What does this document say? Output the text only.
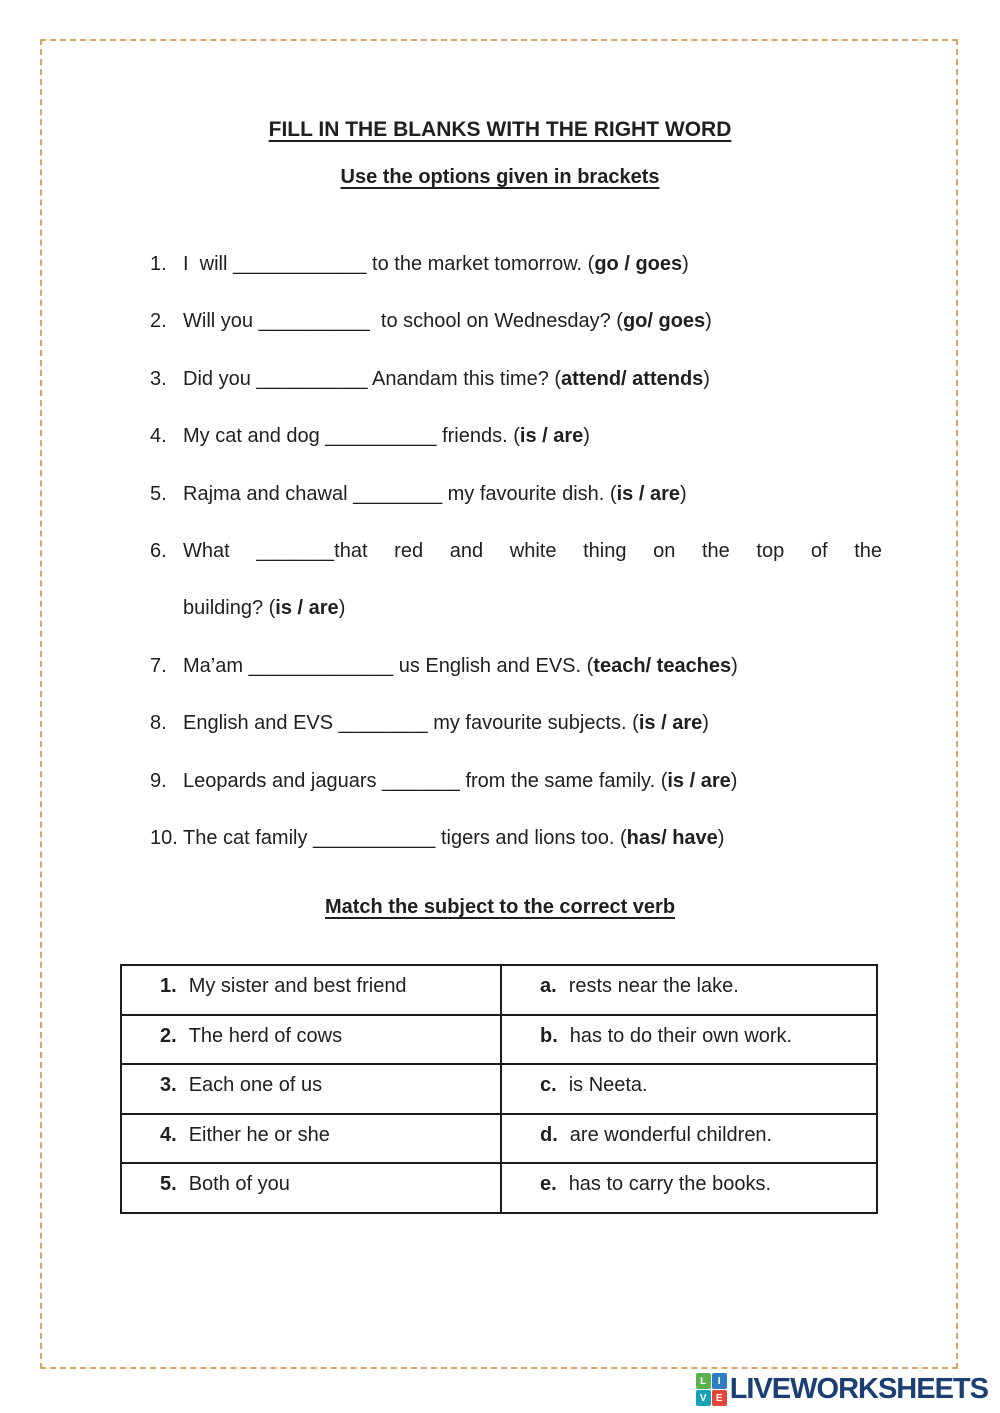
FILL IN THE BLANKS WITH THE RIGHT WORD
Use the options given in brackets
1. I  will ____________ to the market tomorrow. (go / goes)
2. Will you __________  to school on Wednesday? (go/ goes)
3. Did you __________ Anandam this time? (attend/ attends)
4. My cat and dog __________ friends. (is / are)
5. Rajma and chawal ________ my favourite dish. (is / are)
6. What _______that red and white thing on the top of the
building? (is / are)
7. Ma’am _____________ us English and EVS. (teach/ teaches)
8. English and EVS ________ my favourite subjects. (is / are)
9. Leopards and jaguars _______ from the same family. (is / are)
10. The cat family ___________ tigers and lions too. (has/ have)
Match the subject to the correct verb
1. My sister and best friend	a. rests near the lake.
2. The herd of cows	b. has to do their own work.
3. Each one of us	c. is Neeta.
4. Either he or she	d. are wonderful children.
5. Both of you	e. has to carry the books.
L	I
V E LIVEWORKSHEETS
